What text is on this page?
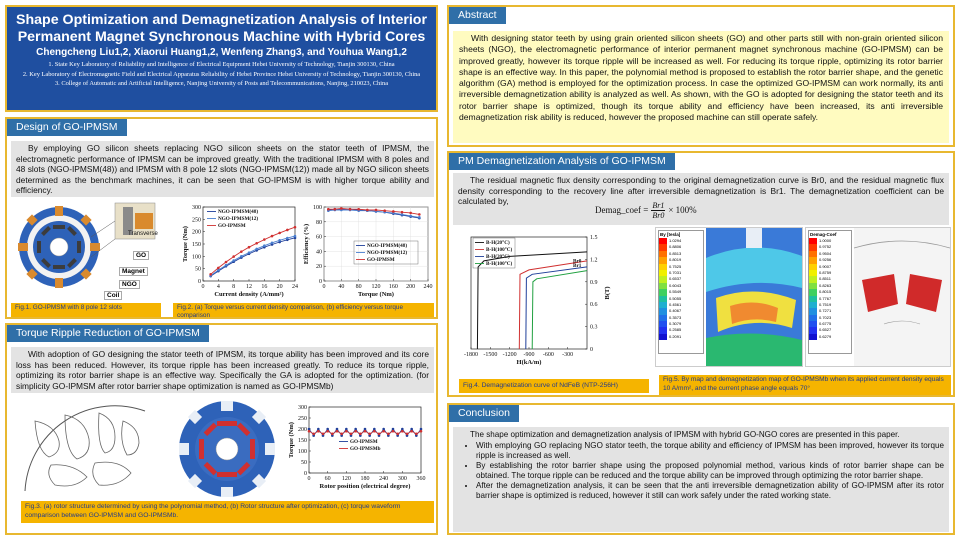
Shape Optimization and Demagnetization Analysis of Interior
Permanent Magnet Synchronous Machine with Hybrid Cores
Chengcheng Liu1,2, Xiaorui Huang1,2, Wenfeng Zhang3, and Youhua Wang1,2
1. State Key Laboratory of Reliability and Intelligence of Electrical Equipment Hebei University of Technology, Tianjin 300130, China
2. Key Laboratory of Electromagnetic Field and Electrical Apparatus Reliability of Hebei Province Hebei University of Technology, Tianjin 300130, China
3. College of Automatic and Artificial Intelligence, Nanjing University of Posts and Telecommunications, Nanjing, 210023, China
Design of GO-IPMSM
By employing GO silicon sheets replacing NGO silicon sheets on the stator teeth of IPMSM, the electromagnetic performance of IPMSM can be improved greatly. With the traditional IPMSM with 8 poles and 48 slots (NGO-IPMSM(48)) and IPMSM with 8 pole 12 slots (NGO-IPMSM(12)) made all by NGO silicon sheets determined as the benchmark machines, it can be seen that GO-IPMSM is with higher torque ability and efficiency.
Transverse
GO
Magnet
NGO
Coil
0 4 8 12 16 20 24
0
50
100
150
200
250
300
Current density (A/mm²)
Torque (Nm)
NGO-IPMSM(48)
NGO-IPMSM(12)
GO-IPMSM
0 40 80 120 160 200 240
0
20
40
60
80
100
Torque (Nm)
Efficiency (%)	NGO-IPMSM(48)
NGO-IPMSM(12)
GO-IPMSM
Fig.1. GO-IPMSM with 8 pole 12 slots	Fig.2. (a) Torque versus current density comparison, (b) efficiency versus torque comparison
Torque Ripple Reduction of GO-IPMSM
With adoption of GO designing the stator teeth of IPMSM, its torque ability has been improved and its core loss has been reduced. However, its torque ripple has been increased greatly. To reduce its torque ripple, optimizing its rotor barrier shape is an effective way. Specifically the GA is adopted for the optimization. (for simplicity GO-IPMSM after rotor barrier shape optimization is named as GO-IPMSMb)
0 60 120 180 240 300 360
0
50
100
150
200
250
300
Rotor position (electrical degree)
Torque (Nm)	GO-IPMSM
GO-IPMSMb
Fig.3. (a) rotor structure determined by using the polynomial method, (b) Rotor structure after optimization, (c) torque waveform comparison between GO-IPMSM and GO-IPMSMb.
Abstract
With designing stator teeth by using grain oriented silicon sheets (GO) and other parts still with non-grain oriented silicon sheets (NGO), the electromagnetic performance of interior permanent magnet synchronous machine (GO-IPMSM) can be improved greatly, however its torque ripple will be increased as well. For reducing its torque ripple, optimizing its rotor barrier shape is an effective way. In this paper, the polynomial method is proposed to establish the rotor barrier shape, and the genetic algorithm (GA) method is employed for the optimization process. In case the optimized GO-IPMSM can work normally, its anti irreversible demagnetization ability is analyzed as well. As shown, with the GO is adopted for designing the stator teeth and its rotor barrier shape is optimized, though its torque ability and efficiency have been increased, its anti irreversible demagnetization risk ability is reduced, however the proposed machine can still operate safely.
PM Demagnetization Analysis of GO-IPMSM
The residual magnetic flux density corresponding to the original demagnetization curve is Br0, and the residual magnetic flux density corresponding to the recovery line after irreversible demagnetization is Br1. The demagnetization coefficient can be calculated by,
Demag_coef = $\frac{Br1}{Br0} \times 100\%$
-1800 -1500 -1200 -900 -600 -300
0
0.3
0.6
0.9
1.2
1.5
H(kA/m)
B(T)
B-H(20°C)
B-H(100°C)
B-H(20°C)
B-H(100°C)	Br0
Br1
By [tesla]
1.0294
0.8806
0.8513
0.8019
0.7525
0.7031
0.6537
0.6043
0.5549
0.5055
0.4561
0.4067
0.3573
0.3079
0.2585
0.2091
Demag-Coef
1.0000
0.9752
0.9504
0.9256
0.9007
0.8759
0.8511
0.8263
0.8015
0.7767
0.7519
0.7271
0.7023
0.6775
0.6527
0.6279
Fig.4. Demagnetization curve of NdFeB (NTP-256H)
Fig.5. By map and demagnetization map of GO-IPMSMb when its applied current density equals 10 A/mm², and the current phase angle equals 70°
Conclusion
The shape optimization and demagnetization analysis of IPMSM with hybrid GO-NGO cores are presented in this paper.
• With employing GO replacing NGO stator teeth, the torque ability and efficiency of IPMSM has been improved, however its torque ripple is increased as well.
• By establishing the rotor barrier shape using the proposed polynomial method, various kinds of rotor barrier shape can be obtained. The torque ripple can be reduced and the torque ability can be improved through optimizing the rotor barrier shape.
• After the demagnetization analysis, it can be seen that the anti irreversible demagnetization ability of GO-IPMSM after its rotor barrier shape is optimized is reduced, however it still can work safely under the rated working state.
